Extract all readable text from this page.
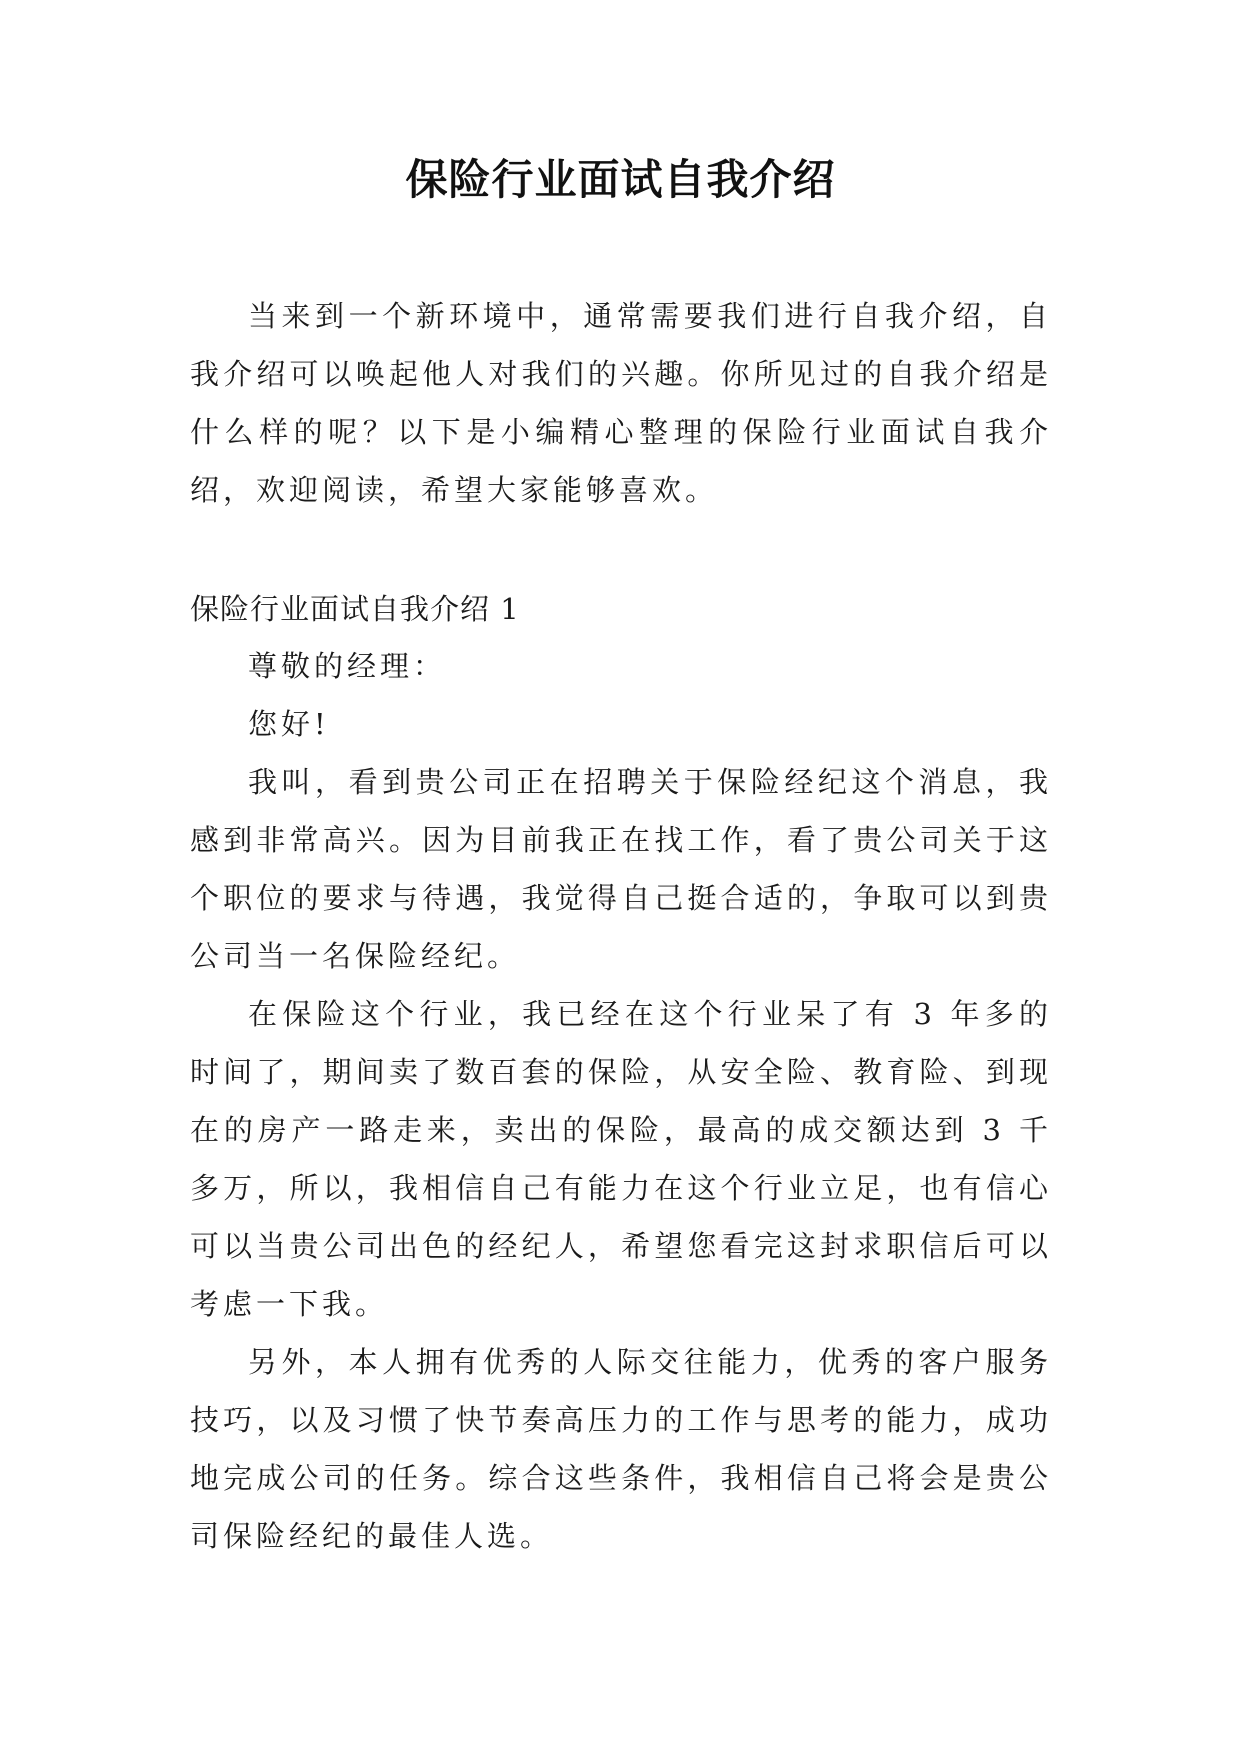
保险行业面试自我介绍

当来到一个新环境中，通常需要我们进行自我介绍，自我介绍可以唤起他人对我们的兴趣。你所见过的自我介绍是什么样的呢？以下是小编精心整理的保险行业面试自我介绍，欢迎阅读，希望大家能够喜欢。

保险行业面试自我介绍 1

尊敬的经理：

您好!

我叫，看到贵公司正在招聘关于保险经纪这个消息，我感到非常高兴。因为目前我正在找工作，看了贵公司关于这个职位的要求与待遇，我觉得自己挺合适的，争取可以到贵公司当一名保险经纪。

在保险这个行业，我已经在这个行业呆了有 3 年多的时间了，期间卖了数百套的保险，从安全险、教育险、到现在的房产一路走来，卖出的保险，最高的成交额达到 3 千多万，所以，我相信自己有能力在这个行业立足，也有信心可以当贵公司出色的经纪人，希望您看完这封求职信后可以考虑一下我。

另外，本人拥有优秀的人际交往能力，优秀的客户服务技巧，以及习惯了快节奏高压力的工作与思考的能力，成功地完成公司的任务。综合这些条件，我相信自己将会是贵公司保险经纪的最佳人选。
